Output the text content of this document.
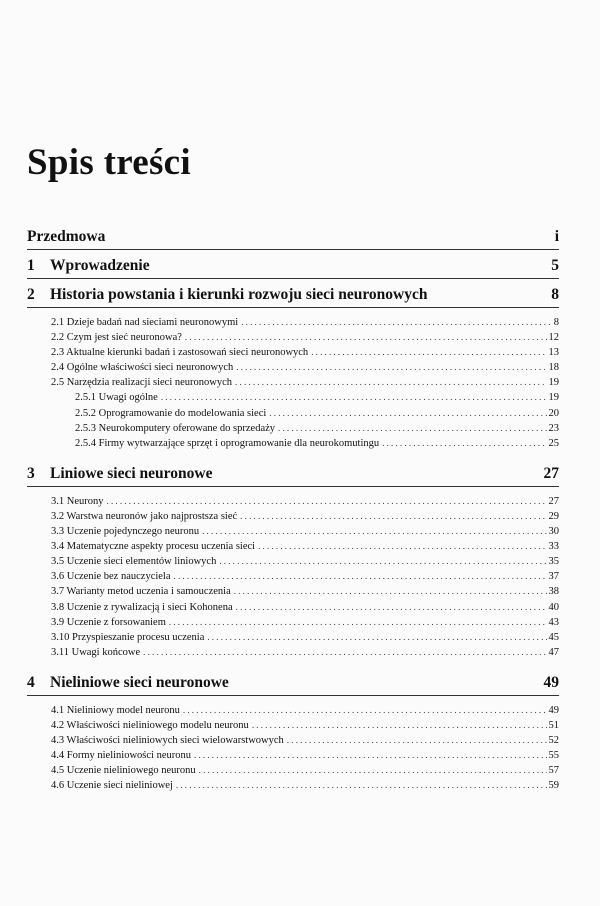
Spis treści
Przedmowa	i
1 Wprowadzenie	5
2 Historia powstania i kierunki rozwoju sieci neuronowych	8
2.1 Dzieje badań nad sieciami neuronowymi .....	8
2.2 Czym jest sieć neuronowa? .....	12
2.3 Aktualne kierunki badań i zastosowań sieci neuronowych .....	13
2.4 Ogólne właściwości sieci neuronowych .....	18
2.5 Narzędzia realizacji sieci neuronowych .....	19
2.5.1 Uwagi ogólne .....	19
2.5.2 Oprogramowanie do modelowania sieci .....	20
2.5.3 Neurokomputery oferowane do sprzedaży .....	23
2.5.4 Firmy wytwarzające sprzęt i oprogramowanie dla neurokomutingu .....	25
3 Liniowe sieci neuronowe	27
3.1 Neurony .....	27
3.2 Warstwa neuronów jako najprostsza sieć .....	29
3.3 Uczenie pojedynczego neuronu .....	30
3.4 Matematyczne aspekty procesu uczenia sieci .....	33
3.5 Uczenie sieci elementów liniowych .....	35
3.6 Uczenie bez nauczyciela .....	37
3.7 Warianty metod uczenia i samouczenia .....	38
3.8 Uczenie z rywalizacją i sieci Kohonena .....	40
3.9 Uczenie z forsowaniem .....	43
3.10 Przyspieszanie procesu uczenia .....	45
3.11 Uwagi końcowe .....	47
4 Nieliniowe sieci neuronowe	49
4.1 Nieliniowy model neuronu .....	49
4.2 Właściwości nieliniowego modelu neuronu .....	51
4.3 Właściwości nieliniowych sieci wielowarstwowych .....	52
4.4 Formy nieliniowości neuronu .....	55
4.5 Uczenie nieliniowego neuronu .....	57
4.6 Uczenie sieci nieliniowej .....	59
